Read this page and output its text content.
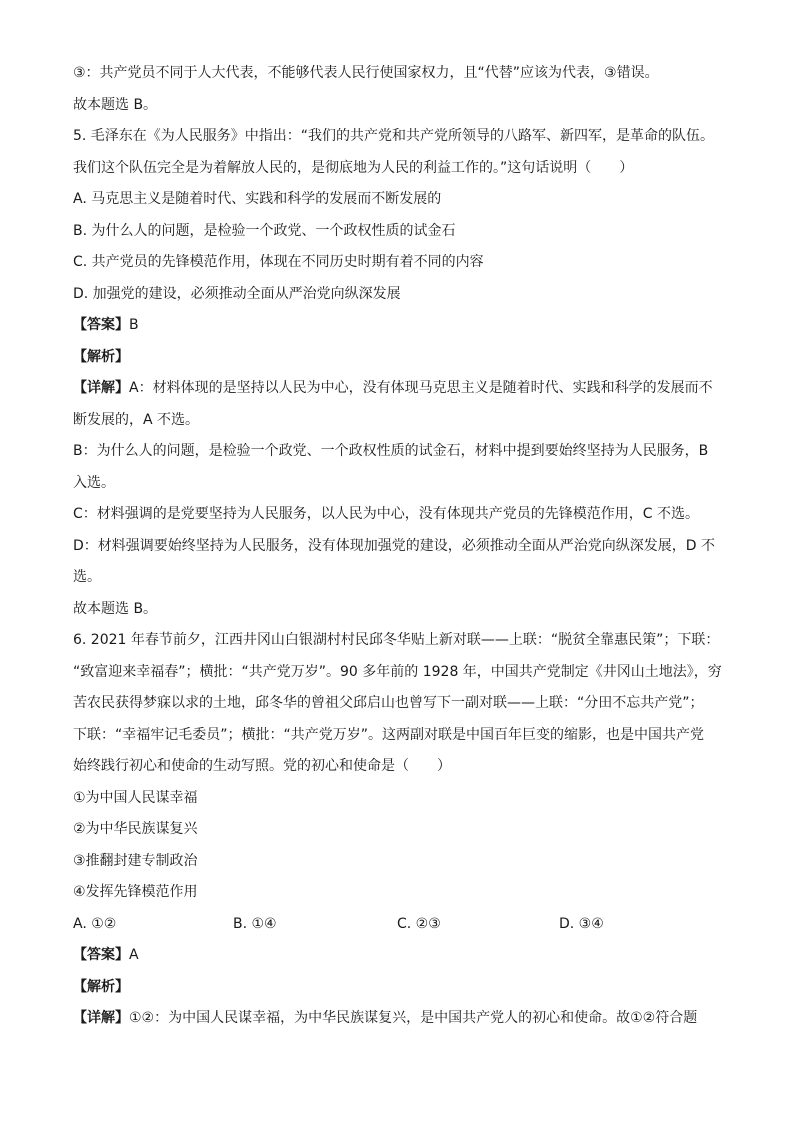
③：共产党员不同于人大代表，不能够代表人民行使国家权力，且“代替”应该为代表，③错误。
故本题选 B。
5. 毛泽东在《为人民服务》中指出：“我们的共产党和共产党所领导的八路军、新四军，是革命的队伍。
我们这个队伍完全是为着解放人民的，是彻底地为人民的利益工作的。”这句话说明（　　）
A. 马克思主义是随着时代、实践和科学的发展而不断发展的
B. 为什么人的问题，是检验一个政党、一个政权性质的试金石
C. 共产党员的先锋模范作用，体现在不同历史时期有着不同的内容
D. 加强党的建设，必须推动全面从严治党向纵深发展
【答案】B
【解析】
【详解】A：材料体现的是坚持以人民为中心，没有体现马克思主义是随着时代、实践和科学的发展而不
断发展的，A 不选。
B：为什么人的问题，是检验一个政党、一个政权性质的试金石，材料中提到要始终坚持为人民服务，B
入选。
C：材料强调的是党要坚持为人民服务，以人民为中心，没有体现共产党员的先锋模范作用，C 不选。
D：材料强调要始终坚持为人民服务，没有体现加强党的建设，必须推动全面从严治党向纵深发展，D 不
选。
故本题选 B。
6. 2021 年春节前夕，江西井冈山白银湖村村民邱冬华贴上新对联——上联：“脱贫全靠惠民策”；下联：
“致富迎来幸福春”；横批：“共产党万岁”。90 多年前的 1928 年，中国共产党制定《井冈山土地法》，穷
苦农民获得梦寐以求的土地，邱冬华的曾祖父邱启山也曾写下一副对联——上联：“分田不忘共产党”；
下联：“幸福牢记毛委员”；横批：“共产党万岁”。这两副对联是中国百年巨变的缩影，也是中国共产党
始终践行初心和使命的生动写照。党的初心和使命是（　　）
①为中国人民谋幸福
②为中华民族谋复兴
③推翻封建专制政治
④发挥先锋模范作用
A. ①②	B. ①④	C. ②③	D. ③④
【答案】A
【解析】
【详解】①②：为中国人民谋幸福，为中华民族谋复兴，是中国共产党人的初心和使命。故①②符合题
